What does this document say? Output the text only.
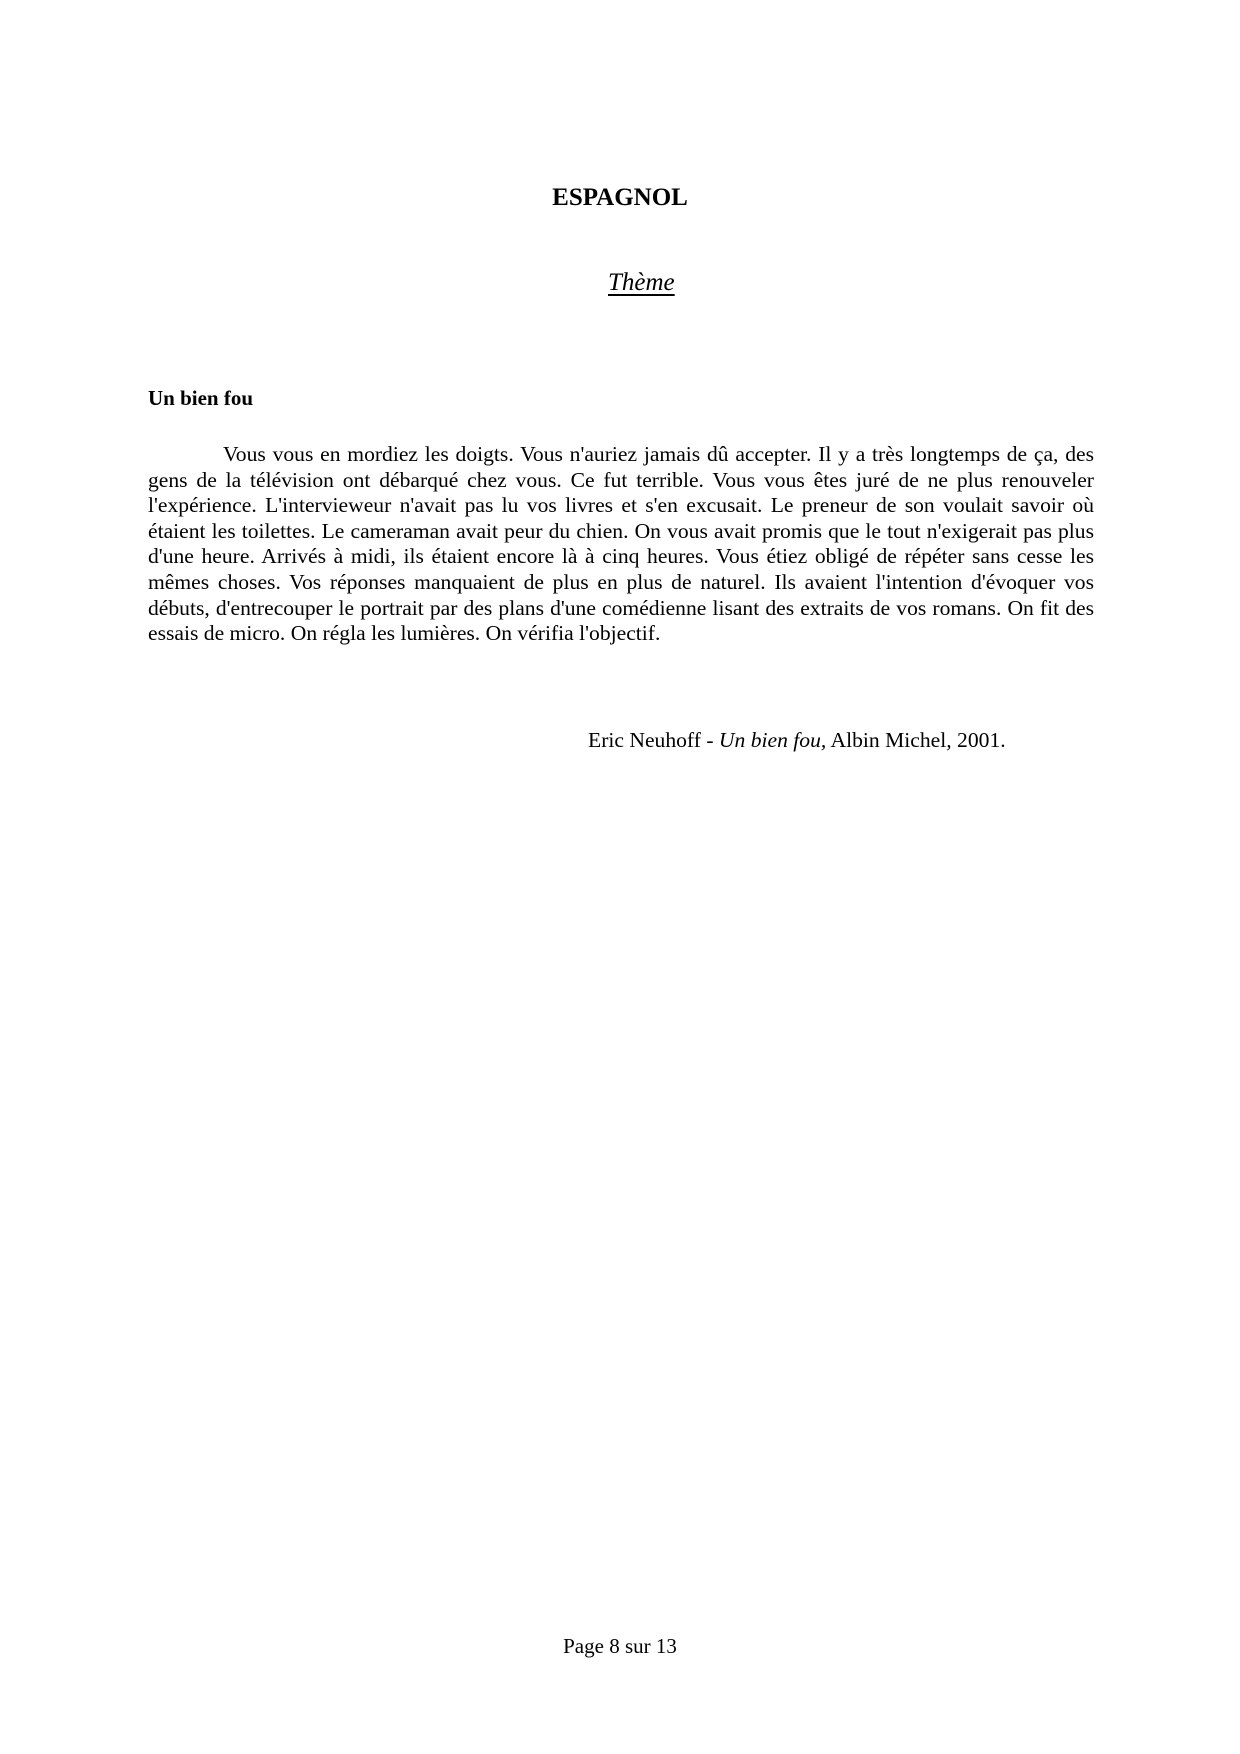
ESPAGNOL

Thème

Un bien fou

Vous vous en mordiez les doigts. Vous n'auriez jamais dû accepter. Il y a très longtemps de ça, des gens de la télévision ont débarqué chez vous. Ce fut terrible. Vous vous êtes juré de ne plus renouveler l'expérience. L'intervieweur n'avait pas lu vos livres et s'en excusait. Le preneur de son voulait savoir où étaient les toilettes. Le cameraman avait peur du chien. On vous avait promis que le tout n'exigerait pas plus d'une heure. Arrivés à midi, ils étaient encore là à cinq heures. Vous étiez obligé de répéter sans cesse les mêmes choses. Vos réponses manquaient de plus en plus de naturel. Ils avaient l'intention d'évoquer vos débuts, d'entrecouper le portrait par des plans d'une comédienne lisant des extraits de vos romans. On fit des essais de micro. On régla les lumières. On vérifia l'objectif.

Eric Neuhoff - Un bien fou, Albin Michel, 2001.

Page 8 sur 13
